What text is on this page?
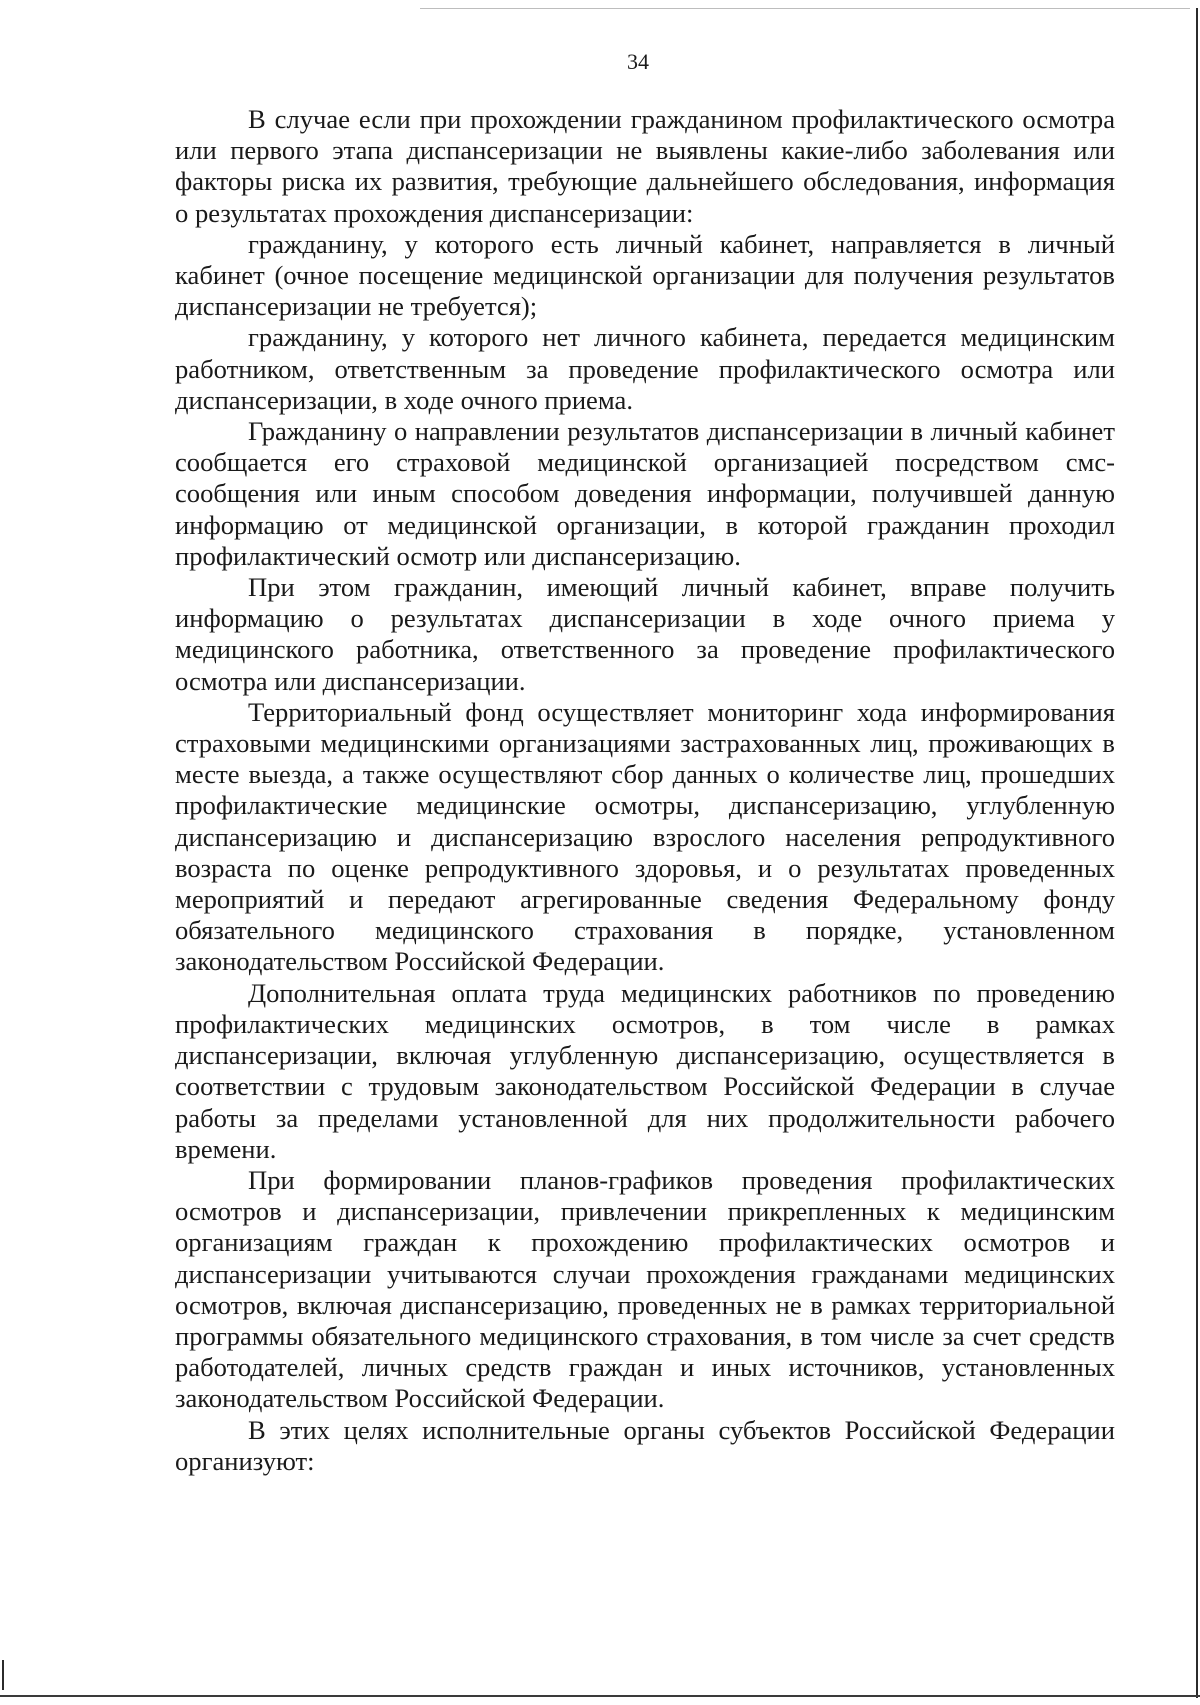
34

В случае если при прохождении гражданином профилактического осмотра или первого этапа диспансеризации не выявлены какие-либо заболевания или факторы риска их развития, требующие дальнейшего обследования, информация о результатах прохождения диспансеризации:

гражданину, у которого есть личный кабинет, направляется в личный кабинет (очное посещение медицинской организации для получения результатов диспансеризации не требуется);

гражданину, у которого нет личного кабинета, передается медицинским работником, ответственным за проведение профилактического осмотра или диспансеризации, в ходе очного приема.

Гражданину о направлении результатов диспансеризации в личный кабинет сообщается его страховой медицинской организацией посредством смс-сообщения или иным способом доведения информации, получившей данную информацию от медицинской организации, в которой гражданин проходил профилактический осмотр или диспансеризацию.

При этом гражданин, имеющий личный кабинет, вправе получить информацию о результатах диспансеризации в ходе очного приема у медицинского работника, ответственного за проведение профилактического осмотра или диспансеризации.

Территориальный фонд осуществляет мониторинг хода информирования страховыми медицинскими организациями застрахованных лиц, проживающих в месте выезда, а также осуществляют сбор данных о количестве лиц, прошедших профилактические медицинские осмотры, диспансеризацию, углубленную диспансеризацию и диспансеризацию взрослого населения репродуктивного возраста по оценке репродуктивного здоровья, и о результатах проведенных мероприятий и передают агрегированные сведения Федеральному фонду обязательного медицинского страхования в порядке, установленном законодательством Российской Федерации.

Дополнительная оплата труда медицинских работников по проведению профилактических медицинских осмотров, в том числе в рамках диспансеризации, включая углубленную диспансеризацию, осуществляется в соответствии с трудовым законодательством Российской Федерации в случае работы за пределами установленной для них продолжительности рабочего времени.

При формировании планов-графиков проведения профилактических осмотров и диспансеризации, привлечении прикрепленных к медицинским организациям граждан к прохождению профилактических осмотров и диспансеризации учитываются случаи прохождения гражданами медицинских осмотров, включая диспансеризацию, проведенных не в рамках территориальной программы обязательного медицинского страхования, в том числе за счет средств работодателей, личных средств граждан и иных источников, установленных законодательством Российской Федерации.

В этих целях исполнительные органы субъектов Российской Федерации организуют:
